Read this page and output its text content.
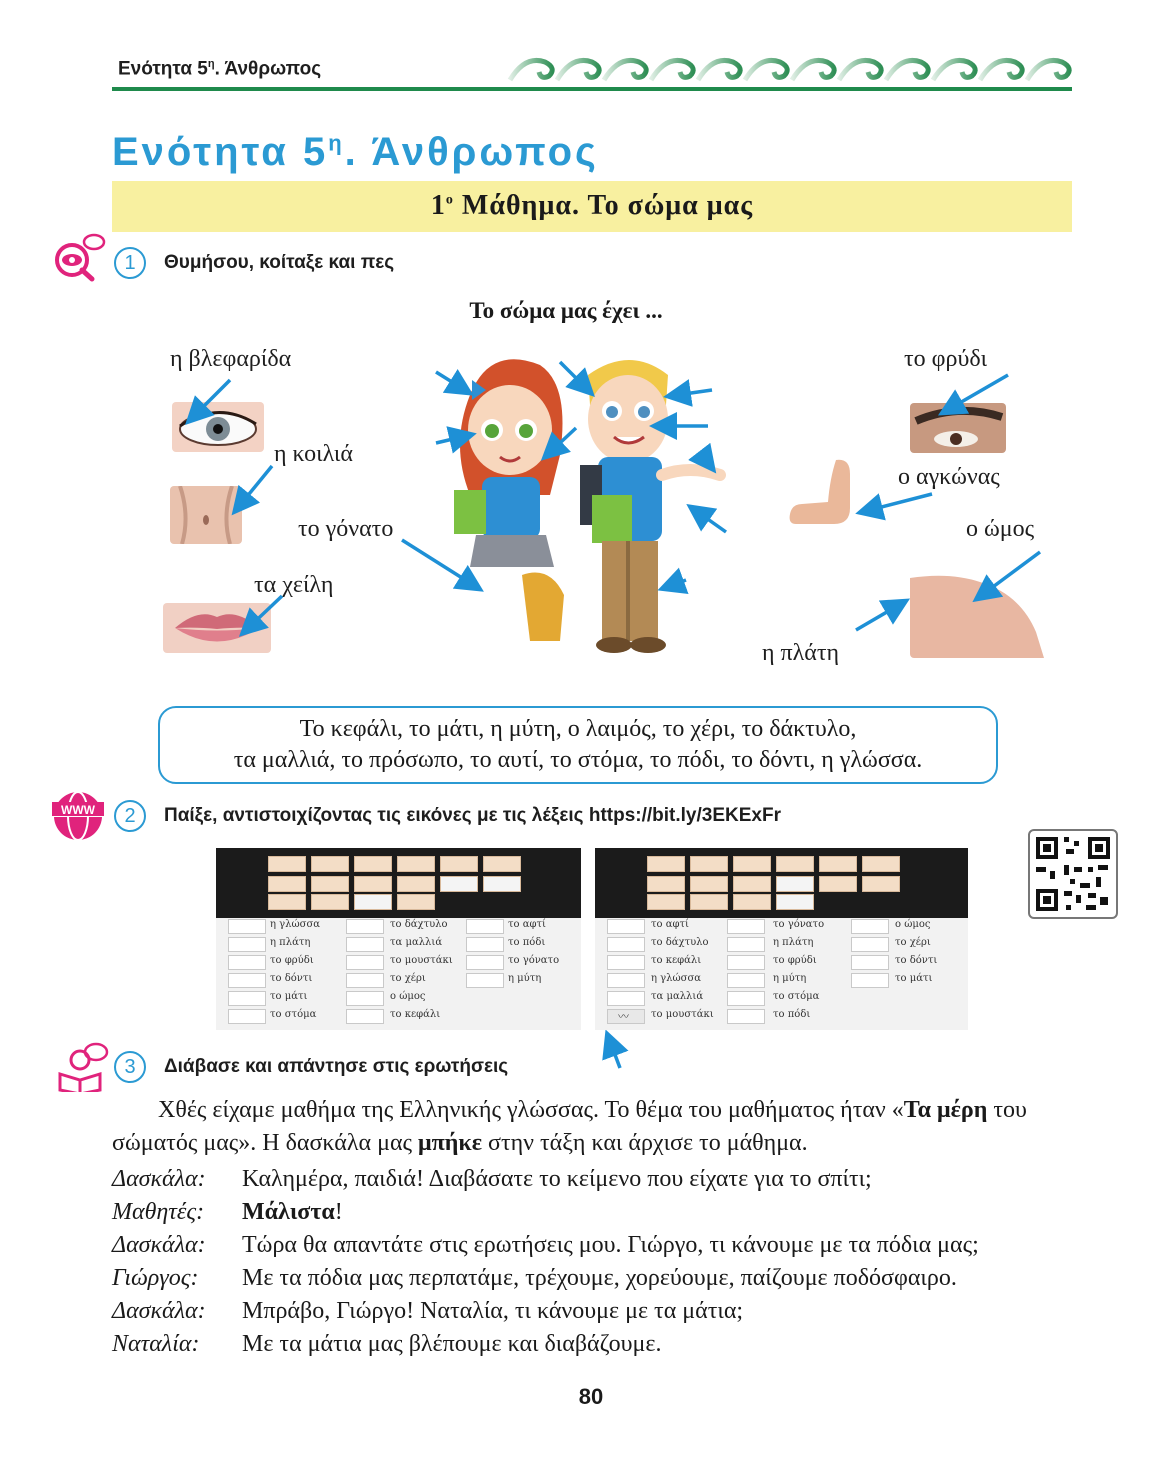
Ενότητα $5^\eta$. Άνθρωπος
Ενότητα $5^\eta$. Άνθρωπος
$1^o$ Μάθημα. Το σώμα μας
1	Θυμήσου, κοίταξε και πες
Το σώμα μας έχει ...
η βλεφαρίδα
η κοιλιά
το γόνατο
τα χείλη
το φρύδι
ο αγκώνας
ο ώμος
η πλάτη
Το κεφάλι, το μάτι, η μύτη, ο λαιμός, το χέρι, το δάκτυλο,
τα μαλλιά, το πρόσωπο, το αυτί, το στόμα, το πόδι, το δόντι, η γλώσσα.
WWW	2	Παίξε, αντιστοιχίζοντας τις εικόνες με τις λέξεις https://bit.ly/3EKExFr
η γλώσσα
η πλάτη
το φρύδι
το δόντι
το μάτι
το στόμα
το δάχτυλο
τα μαλλιά
το μουστάκι
το χέρι
ο ώμος
το κεφάλι
το αφτί
το πόδι
το γόνατο
η μύτη
το αφτί
το δάχτυλο
το κεφάλι
η γλώσσα
τα μαλλιά
〰 το μουστάκι
το γόνατο
η πλάτη
το φρύδι
η μύτη
το στόμα
το πόδι
ο ώμος
το χέρι
το δόντι
το μάτι
3	Διάβασε και απάντησε στις ερωτήσεις
Χθές είχαμε μαθήμα της Ελληνικής γλώσσας. Το θέμα του μαθήματος ήταν «Τα μέρη του σώματός μας». Η δασκάλα μας μπήκε στην τάξη και άρχισε το μάθημα.
Δασκάλα: Καλημέρα, παιδιά! Διαβάσατε το κείμενο που είχατε για το σπίτι;
Μαθητές: Μάλιστα!
Δασκάλα: Τώρα θα απαντάτε στις ερωτήσεις μου. Γιώργο, τι κάνουμε με τα πόδια μας;
Γιώργος: Με τα πόδια μας περπατάμε, τρέχουμε, χορεύουμε, παίζουμε ποδόσφαιρο.
Δασκάλα: Μπράβο, Γιώργο! Ναταλία, τι κάνουμε με τα μάτια;
Ναταλία: Με τα μάτια μας βλέπουμε και διαβάζουμε.
80
